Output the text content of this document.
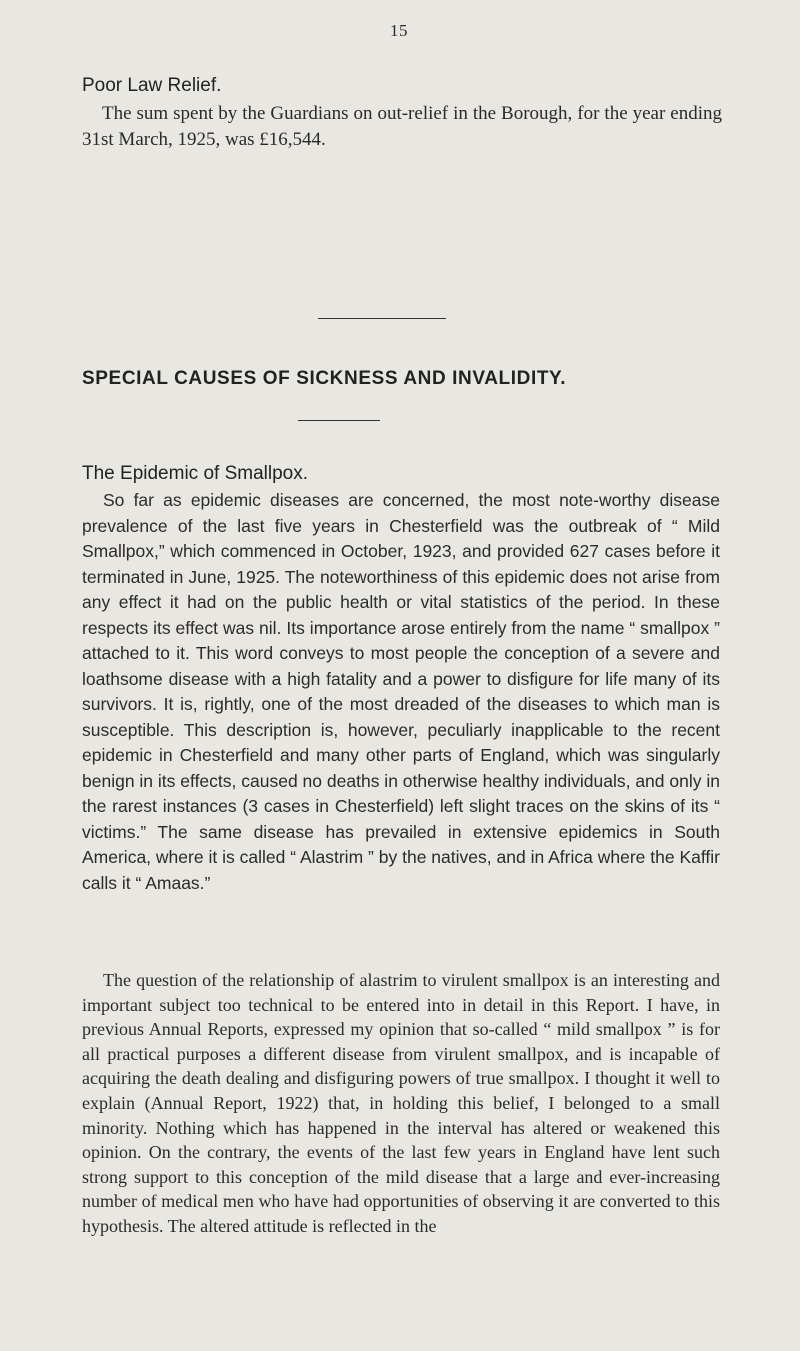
15
Poor Law Relief.

The sum spent by the Guardians on out-relief in the Borough, for the year ending 31st March, 1925, was £16,544.

SPECIAL CAUSES OF SICKNESS AND INVALIDITY.
The Epidemic of Smallpox.

So far as epidemic diseases are concerned, the most note-worthy disease prevalence of the last five years in Chesterfield was the outbreak of “ Mild Smallpox,” which commenced in October, 1923, and provided 627 cases before it terminated in June, 1925. The noteworthiness of this epidemic does not arise from any effect it had on the public health or vital statistics of the period. In these respects its effect was nil. Its importance arose entirely from the name “ smallpox ” attached to it. This word conveys to most people the conception of a severe and loathsome disease with a high fatality and a power to disfigure for life many of its survivors. It is, rightly, one of the most dreaded of the diseases to which man is susceptible. This description is, however, peculiarly inapplicable to the recent epidemic in Chesterfield and many other parts of England, which was singularly benign in its effects, caused no deaths in otherwise healthy individuals, and only in the rarest instances (3 cases in Chesterfield) left slight traces on the skins of its “ victims.” The same disease has prevailed in extensive epidemics in South America, where it is called “ Alastrim ” by the natives, and in Africa where the Kaffir calls it “ Amaas.”

The question of the relationship of alastrim to virulent smallpox is an interesting and important subject too technical to be entered into in detail in this Report. I have, in previous Annual Reports, expressed my opinion that so-called “ mild smallpox ” is for all practical purposes a different disease from virulent smallpox, and is incapable of acquiring the death dealing and disfiguring powers of true smallpox. I thought it well to explain (Annual Report, 1922) that, in holding this belief, I belonged to a small minority. Nothing which has happened in the interval has altered or weakened this opinion. On the contrary, the events of the last few years in England have lent such strong support to this conception of the mild disease that a large and ever-increasing number of medical men who have had opportunities of observing it are converted to this hypothesis. The altered attitude is reflected in the
